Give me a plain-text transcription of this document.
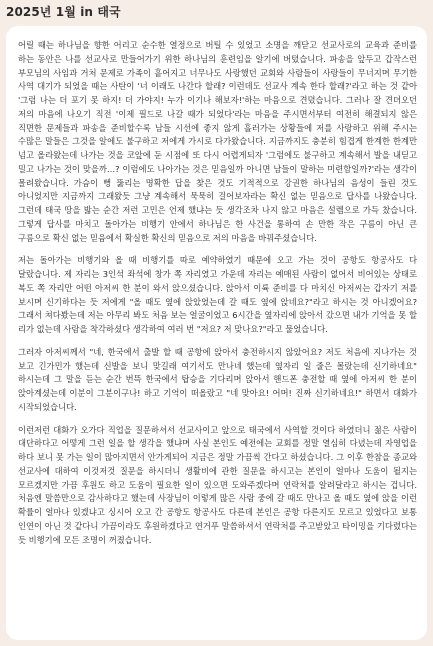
2025년 1월 in 태국

어릴 때는 하나님을 향한 어리고 순수한 열정으로 버틸 수 있었고 소명을 깨닫고 선교사로의 교육과 준비를 하는 동안은 나를 선교사로 만들어가기 위한 하나님의 훈련임을 알기에 버텼습니다. 파송을 앞두고 갑작스런 부모님의 사임과 거처 문제로 가족이 흩어지고 너무나도 사랑했던 교회와 사람들이 사랑들이 무너지며 무기한 사역 대기가 되었을 때는 사탄이 '너 이래도 나간다 할래? 이런데도 선교사 계속 한다 할래?'라고 하는 것 같아 '그럼 나는 더 포기 못 하지! 더 가야지! 누가 이기나 해보자!'하는 마음으로 견뎠습니다. 그러나 잘 견뎌오던 저의 마음에 나오기 직전 '이제 필드로 나갈 때가 되었다'라는 마음을 주시면서부터 여전히 해결되지 않은 직면한 문제들과 파송을 준비할수록 남들 시선에 좋지 않게 흘러가는 상황들에 저를 사랑하고 위해 주시는 수많은 말들은 그것을 알에도 불구하고 저에게 가시로 다가왔습니다. 지금까지도 충분히 힘겹게 한계한 한계만 넘고 올라왔는데 나가는 것을 코앞에 둔 시점에 또 다시 어렵게되자 '그럼에도 불구하고 계속해서 발을 내딛고 밀고 나가는 것이 맞을까…? 이럼에도 나아가는 것은 믿음일까 아니면 남들이 말하는 미련함일까?'라는 생각이 몰려왔습니다. 가슴이 뻥 뚫리는 명확한 답을 찾은 것도 기적적으로 강권한 하나님의 음성이 들린 것도 아니었지만 지금까지 그래왔듯 그냥 계속해서 묵묵히 걸어보자라는 확신 없는 믿음으로 답사를 나왔습니다. 그런데 태국 땅을 밟는 순간 저런 고민은 언제 했냐는 듯 생각조차 나지 않고 마음은 설렘으로 가득 찼습니다. 그렇게 답사를 마치고 돌아가는 비행기 안에서 하나님은 한 사건을 통하여 손 만한 작은 구름이 아닌 큰 구름으로 확신 없는 믿음에서 확실한 확신의 믿음으로 저의 마음을 바꿔주셨습니다.

저는 돌아가는 비행기와 올 때 비행기를 따로 예약하였기 때문에 오고 가는 것이 공항도 항공사도 다 달랐습니다. 제 자리는 3인석 좌석에 창가 쪽 자리였고 가운데 자리는 예매된 사람이 없어서 비어있는 상태로 복도 쪽 자리만 어떤 아저씨 한 분이 와서 앉으셨습니다. 앉아서 이륙 준비를 다 마치신 아저씨는 갑자기 저를 보시며 신기하다는 듯 저에게 "올 때도 옆에 앉았었는데 갈 때도 옆에 앉네요?"라고 하시는 것 아니겠어요? 그래서 쳐다봤는데 저는 아무리 봐도 처음 보는 얼굴이었고 6시간을 옆자리에 앉아서 갔으면 내가 기억을 못 할 리가 없는데 사람을 착각하셨다 생각하여 여러 번 "저요? 저 맞나요?"라고 물었습니다.

그러자 아저씨께서 "네, 한국에서 출발 할 때 공항에 앉아서 충전하시지 않았어요? 저도 처음에 지나가는 것 보고 긴가민가 했는데 신발을 보니 맞길래 여기서도 만나네 했는데 옆자리 일 줄은 몰랐는데 신기하네요" 하시는데 그 말을 듣는 순간 번뜩 한국에서 탑승을 기다리며 앉아서 핸드폰 충전할 때 옆에 아저씨 한 분이 앉아계셨는데 이분이 그분이구나! 하고 기억이 떠올랐고 "네 맞아요! 어머! 진짜 신기하네요!" 하면서 대화가 시작되었습니다.

이런저런 대화가 오가다 직업을 질문하셔서 선교사이고 앞으로 태국에서 사역할 것이다 하였더니 젊은 사람이 대단하다고 어떻게 그런 일을 할 생각을 했냐며 사실 본인도 예전에는 교회를 정말 열심히 다녔는데 자영업을 하다 보니 못 가는 일이 많아지면서 안가게되어 지금은 정말 가끔씩 간다고 하셨습니다. 그 이후 한참을 종교와 선교사에 대하여 이것저것 질문을 하시더니 생활비에 관한 질문을 하시고는 본인이 얼마나 도움이 될지는 모르겠지만 가끔 후원도 하고 도움이 필요한 일이 있으면 도와주겠다며 연락처를 알려달라고 하시는 겁니다. 처음엔 말씀만으로 감사하다고 했는데 사장님이 이렇게 많은 사람 중에 갈 때도 만나고 올 때도 옆에 앉을 이런 확률이 얼마나 있겠냐고 싱시어 오고 간 공항도 항공사도 다른데 본인은 공항 다른지도 모르고 있었다고 보통 인연이 아닌 것 같다니 가끔이라도 후원하겠다고 연거푸 말씀하셔서 연락처를 주고받았고 타이밍을 기다렸다는 듯 비행기에 모든 조명이 꺼졌습니다.
